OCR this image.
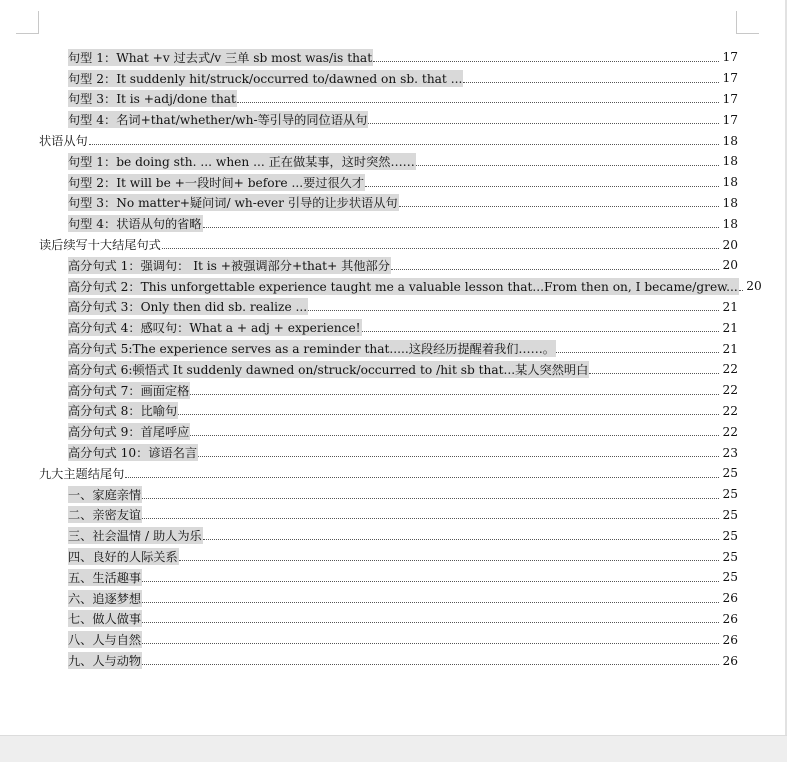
句型 1：What +v 过去式/v 三单 sb most was/is that	17
句型 2：It suddenly hit/struck/occurred to/dawned on sb. that ...	17
句型 3：It is +adj/done that	17
句型 4：名词+that/whether/wh-等引导的同位语从句	17
状语从句	18
句型 1：be doing sth. ... when ... 正在做某事，这时突然……	18
句型 2：It will be +一段时间+ before ...要过很久才	18
句型 3：No matter+疑问词/ wh-ever 引导的让步状语从句	18
句型 4：状语从句的省略	18
读后续写十大结尾句式	20
高分句式 1：强调句： It is +被强调部分+that+ 其他部分	20
高分句式 2：This unforgettable experience taught me a valuable lesson that...From then on, I became/grew... 20
高分句式 3：Only then did sb. realize ...	21
高分句式 4：感叹句：What a + adj + experience!	21
高分句式 5:The experience serves as a reminder that.....这段经历提醒着我们……。	21
高分句式 6:顿悟式 It suddenly dawned on/struck/occurred to /hit sb that...某人突然明白	22
高分句式 7：画面定格	22
高分句式 8：比喻句	22
高分句式 9：首尾呼应	22
高分句式 10：谚语名言	23
九大主题结尾句	25
一、家庭亲情	25
二、亲密友谊	25
三、社会温情 / 助人为乐	25
四、良好的人际关系	25
五、生活趣事	25
六、追逐梦想	26
七、做人做事	26
八、人与自然	26
九、人与动物	26
